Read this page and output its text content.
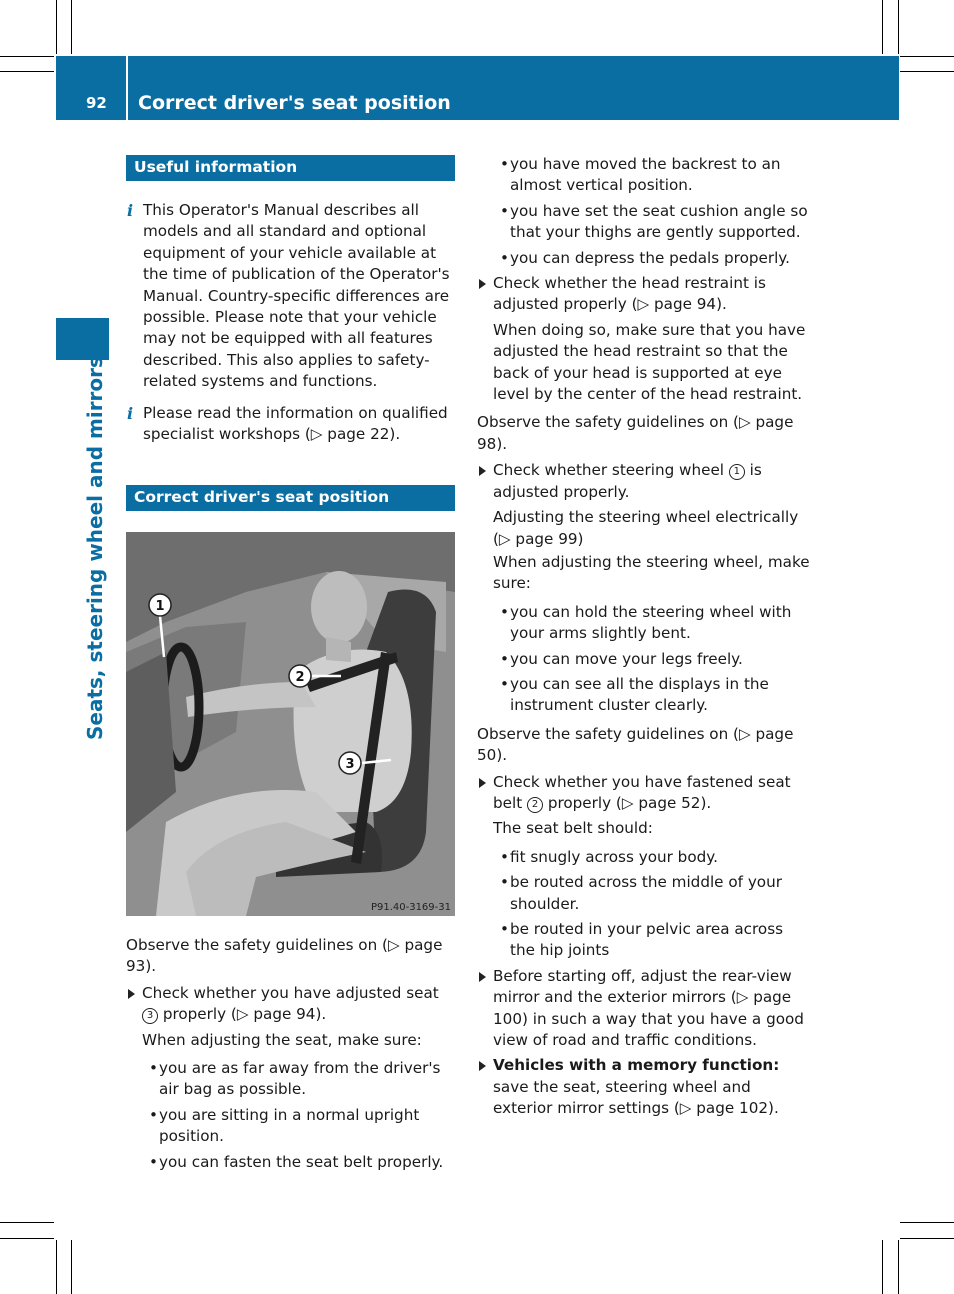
92 Correct driver's seat position
Seats, steering wheel and mirrors
Useful information
Correct driver's seat position

i This Operator's Manual describes all models and all standard and optional equipment of your vehicle available at the time of publication of the Operator's Manual. Country-specific differences are possible. Please note that your vehicle may not be equipped with all features described. This also applies to safety-related systems and functions.

i Please read the information on qualified specialist workshops (▷ page 22).

1
2
3
P91.40-3169-31

Observe the safety guidelines on (▷ page 93).

Check whether you have adjusted seat 3 properly (▷ page 94).

When adjusting the seat, make sure:

• you are as far away from the driver's air bag as possible.

• you are sitting in a normal upright position.

• you can fasten the seat belt properly.

• you have moved the backrest to an almost vertical position.

• you have set the seat cushion angle so that your thighs are gently supported.

• you can depress the pedals properly.

Check whether the head restraint is adjusted properly (▷ page 94).

When doing so, make sure that you have adjusted the head restraint so that the back of your head is supported at eye level by the center of the head restraint.

Observe the safety guidelines on (▷ page 98).

Check whether steering wheel 1 is adjusted properly.

Adjusting the steering wheel electrically (▷ page 99)

When adjusting the steering wheel, make sure:

• you can hold the steering wheel with your arms slightly bent.

• you can move your legs freely.

• you can see all the displays in the instrument cluster clearly.

Observe the safety guidelines on (▷ page 50).

Check whether you have fastened seat belt 2 properly (▷ page 52).

The seat belt should:

• fit snugly across your body.

• be routed across the middle of your shoulder.

• be routed in your pelvic area across the hip joints

Before starting off, adjust the rear-view mirror and the exterior mirrors (▷ page 100) in such a way that you have a good view of road and traffic conditions.

Vehicles with a memory function: save the seat, steering wheel and exterior mirror settings (▷ page 102).
